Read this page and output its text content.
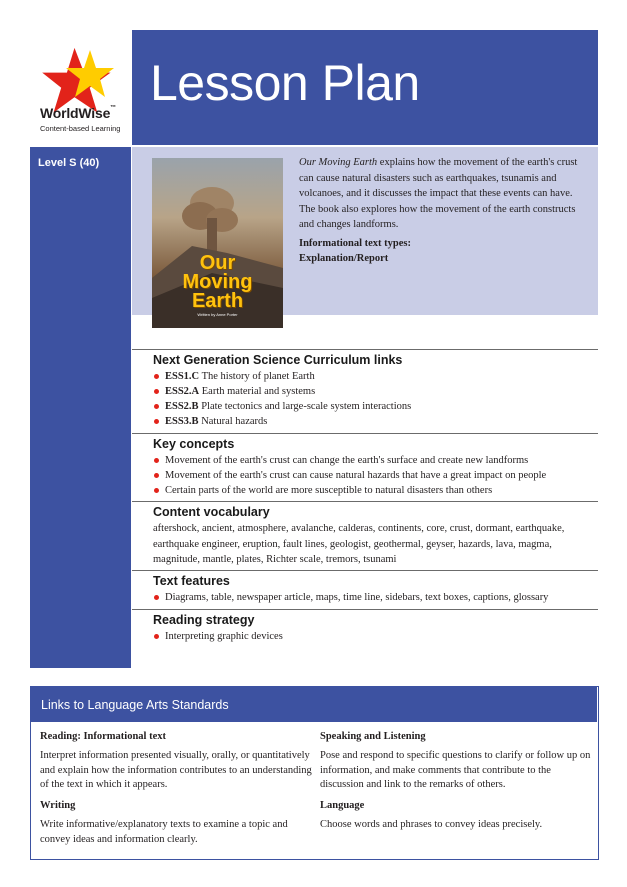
WorldWise™
Content-based Learning
Lesson Plan
Level S (40)
Our
Moving
Earth
Written by Anne Porter
Our Moving Earth explains how the movement of the earth's crust can cause natural disasters such as earthquakes, tsunamis and volcanoes, and it discusses the impact that these events can have. The book also explores how the movement of the earth constructs and changes landforms.
Informational text types:
Explanation/Report
Next Generation Science Curriculum links
ESS1.C The history of planet Earth
ESS2.A Earth material and systems
ESS2.B Plate tectonics and large-scale system interactions
ESS3.B Natural hazards
Key concepts
Movement of the earth's crust can change the earth's surface and create new landforms
Movement of the earth's crust can cause natural hazards that have a great impact on people
Certain parts of the world are more susceptible to natural disasters than others
Content vocabulary
aftershock, ancient, atmosphere, avalanche, calderas, continents, core, crust, dormant, earthquake, earthquake engineer, eruption, fault lines, geologist, geothermal, geyser, hazards, lava, magma, magnitude, mantle, plates, Richter scale, tremors, tsunami
Text features
Diagrams, table, newspaper article, maps, time line, sidebars, text boxes, captions, glossary
Reading strategy
Interpreting graphic devices
Links to Language Arts Standards
Reading: Informational text
Interpret information presented visually, orally, or quantitatively and explain how the information contributes to an understanding of the text in which it appears.
Writing
Write informative/explanatory texts to examine a topic and convey ideas and information clearly.
Speaking and Listening
Pose and respond to specific questions to clarify or follow up on information, and make comments that contribute to the discussion and link to the remarks of others.
Language
Choose words and phrases to convey ideas precisely.
